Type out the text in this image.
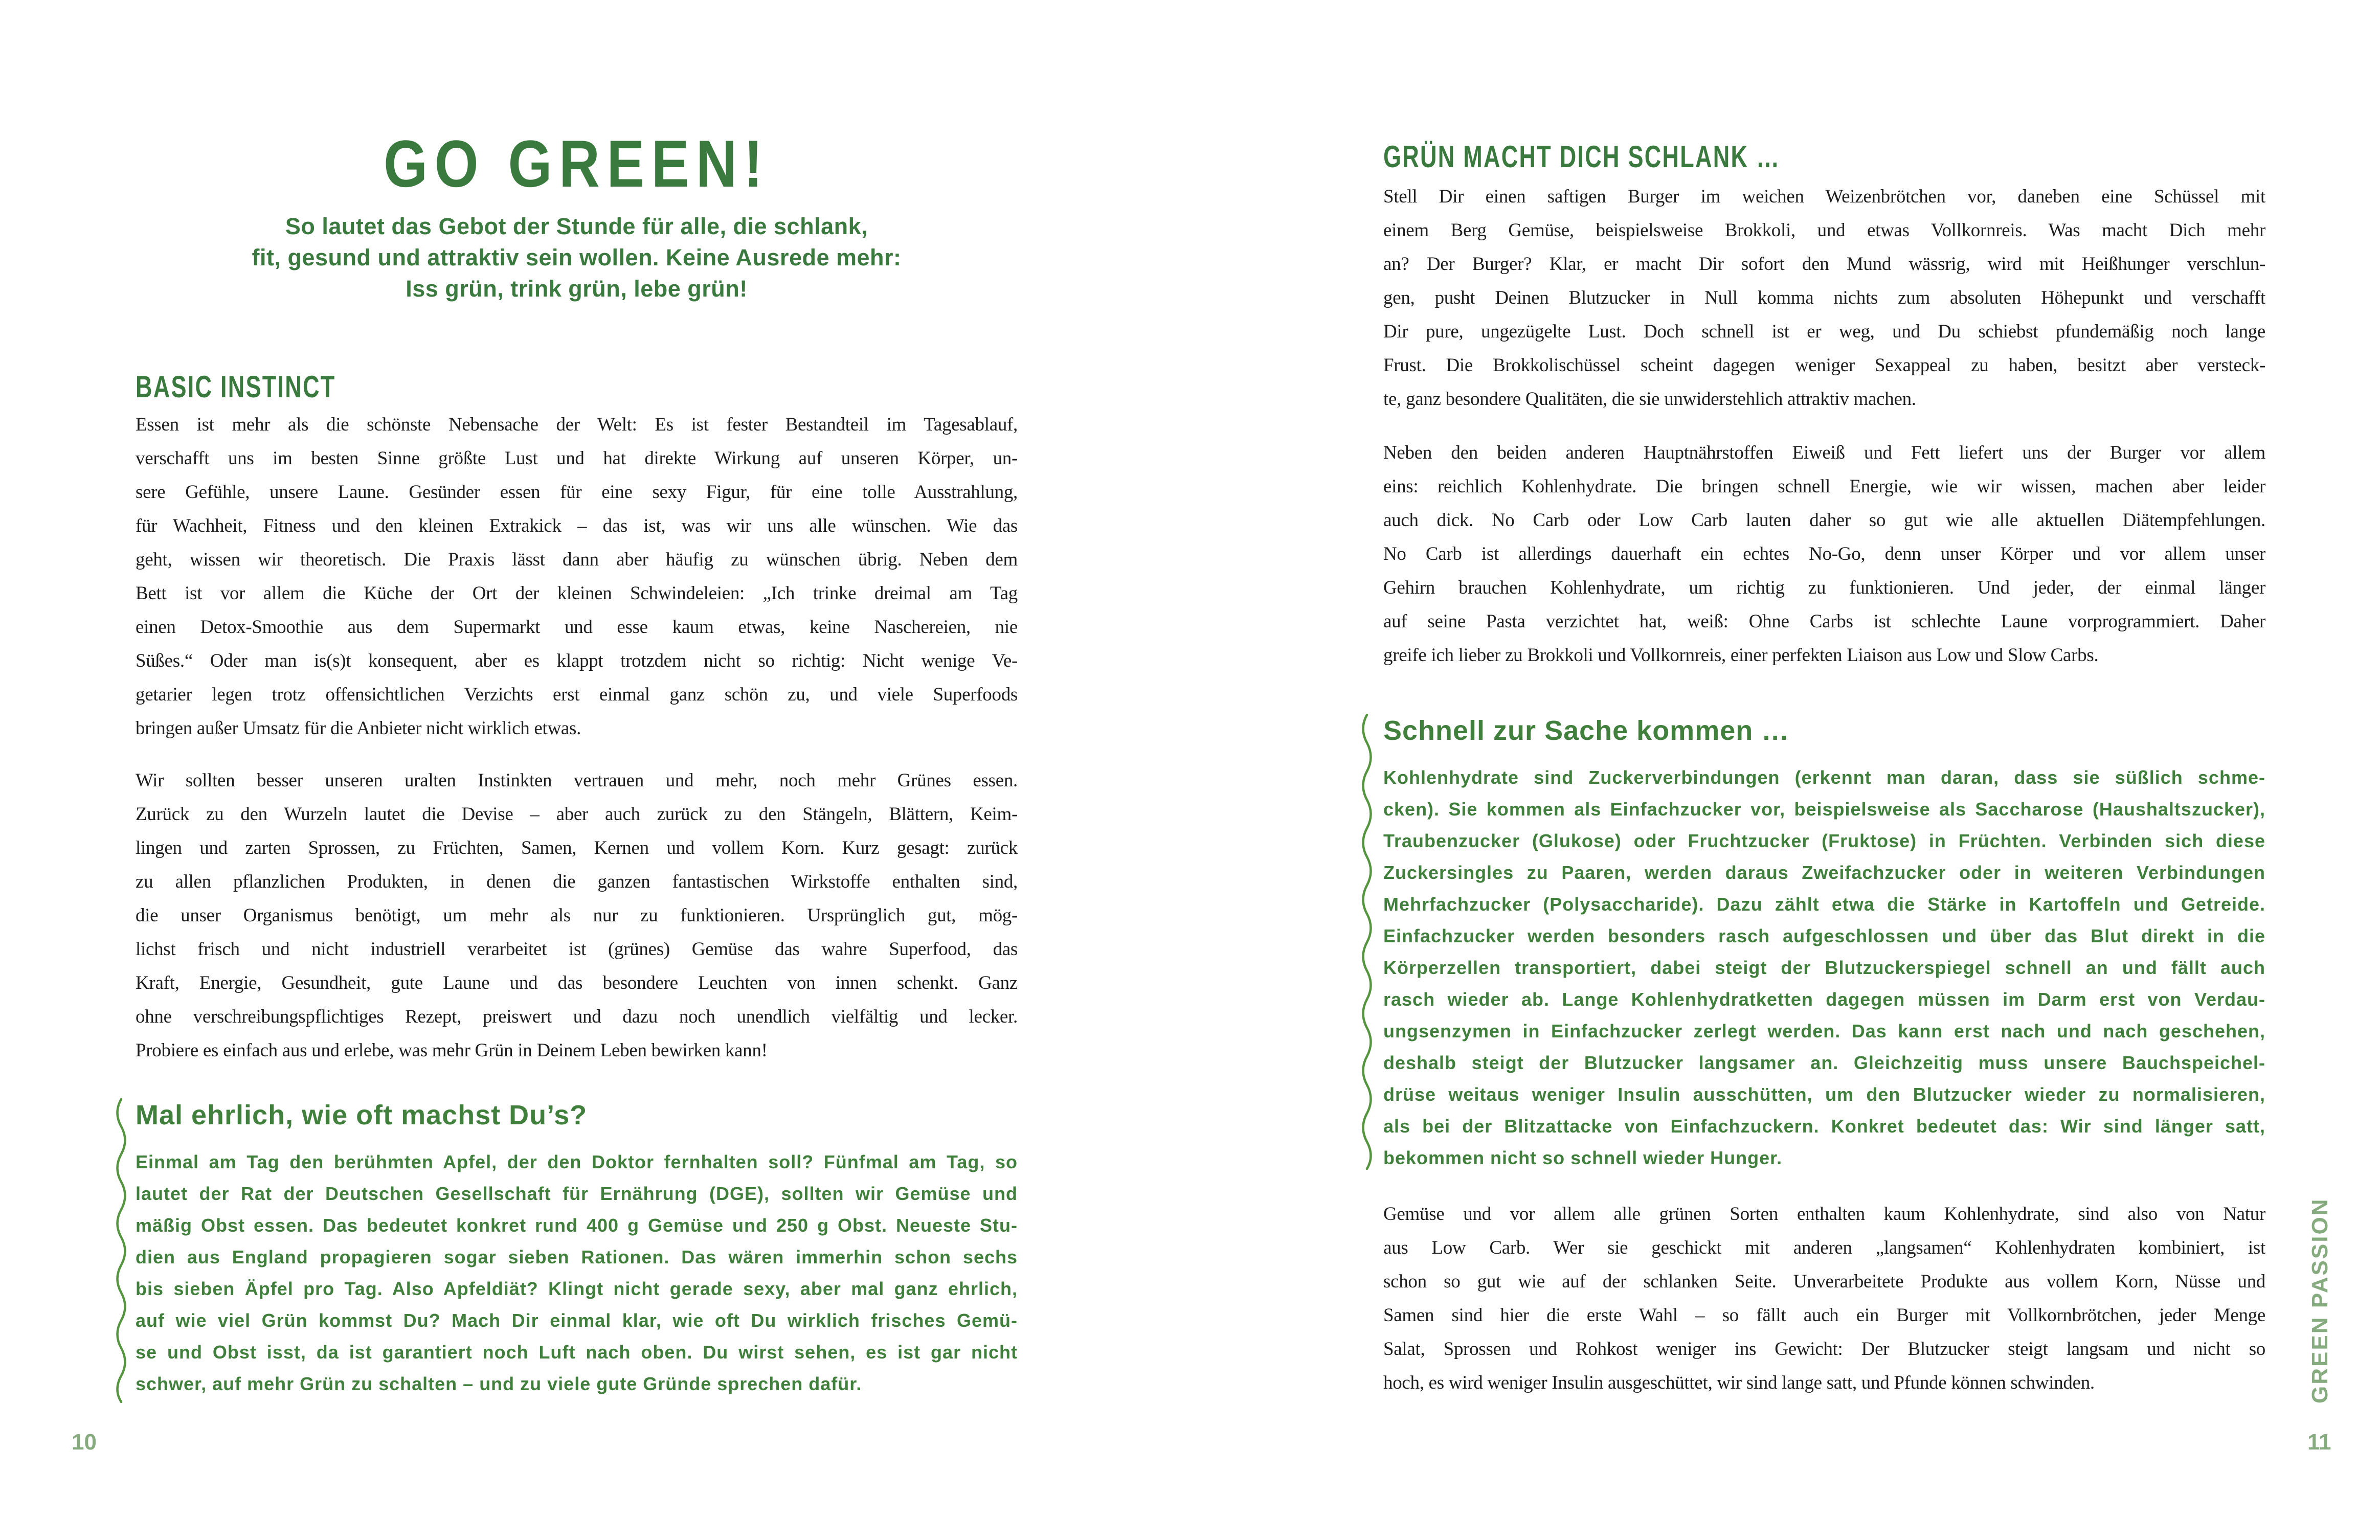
GO GREEN!
So lautet das Gebot der Stunde für alle, die schlank,
fit, gesund und attraktiv sein wollen. Keine Ausrede mehr:
Iss grün, trink grün, lebe grün!
BASIC INSTINCT
Essen ist mehr als die schönste Nebensache der Welt: Es ist fester Bestandteil im Tagesablauf,
verschafft uns im besten Sinne größte Lust und hat direkte Wirkung auf unseren Körper, un-
sere Gefühle, unsere Laune. Gesünder essen für eine sexy Figur, für eine tolle Ausstrahlung,
für Wachheit, Fitness und den kleinen Extrakick – das ist, was wir uns alle wünschen. Wie das
geht, wissen wir theoretisch. Die Praxis lässt dann aber häufig zu wünschen übrig. Neben dem
Bett ist vor allem die Küche der Ort der kleinen Schwindeleien: „Ich trinke dreimal am Tag
einen Detox-Smoothie aus dem Supermarkt und esse kaum etwas, keine Naschereien, nie
Süßes.“ Oder man is(s)t konsequent, aber es klappt trotzdem nicht so richtig: Nicht wenige Ve-
getarier legen trotz offensichtlichen Verzichts erst einmal ganz schön zu, und viele Superfoods
bringen außer Umsatz für die Anbieter nicht wirklich etwas.
Wir sollten besser unseren uralten Instinkten vertrauen und mehr, noch mehr Grünes essen.
Zurück zu den Wurzeln lautet die Devise – aber auch zurück zu den Stängeln, Blättern, Keim-
lingen und zarten Sprossen, zu Früchten, Samen, Kernen und vollem Korn. Kurz gesagt: zurück
zu allen pflanzlichen Produkten, in denen die ganzen fantastischen Wirkstoffe enthalten sind,
die unser Organismus benötigt, um mehr als nur zu funktionieren. Ursprünglich gut, mög-
lichst frisch und nicht industriell verarbeitet ist (grünes) Gemüse das wahre Superfood, das
Kraft, Energie, Gesundheit, gute Laune und das besondere Leuchten von innen schenkt. Ganz
ohne verschreibungspflichtiges Rezept, preiswert und dazu noch unendlich vielfältig und lecker.
Probiere es einfach aus und erlebe, was mehr Grün in Deinem Leben bewirken kann!
Mal ehrlich, wie oft machst Du’s?
Einmal am Tag den berühmten Apfel, der den Doktor fernhalten soll? Fünfmal am Tag, so
lautet der Rat der Deutschen Gesellschaft für Ernährung (DGE), sollten wir Gemüse und
mäßig Obst essen. Das bedeutet konkret rund 400 g Gemüse und 250 g Obst. Neueste Stu-
dien aus England propagieren sogar sieben Rationen. Das wären immerhin schon sechs
bis sieben Äpfel pro Tag. Also Apfeldiät? Klingt nicht gerade sexy, aber mal ganz ehrlich,
auf wie viel Grün kommst Du? Mach Dir einmal klar, wie oft Du wirklich frisches Gemü-
se und Obst isst, da ist garantiert noch Luft nach oben. Du wirst sehen, es ist gar nicht
schwer, auf mehr Grün zu schalten – und zu viele gute Gründe sprechen dafür.
10
GRÜN MACHT DICH SCHLANK …
Stell Dir einen saftigen Burger im weichen Weizenbrötchen vor, daneben eine Schüssel mit
einem Berg Gemüse, beispielsweise Brokkoli, und etwas Vollkornreis. Was macht Dich mehr
an? Der Burger? Klar, er macht Dir sofort den Mund wässrig, wird mit Heißhunger verschlun-
gen, pusht Deinen Blutzucker in Null komma nichts zum absoluten Höhepunkt und verschafft
Dir pure, ungezügelte Lust. Doch schnell ist er weg, und Du schiebst pfundemäßig noch lange
Frust. Die Brokkolischüssel scheint dagegen weniger Sexappeal zu haben, besitzt aber versteck-
te, ganz besondere Qualitäten, die sie unwiderstehlich attraktiv machen.
Neben den beiden anderen Hauptnährstoffen Eiweiß und Fett liefert uns der Burger vor allem
eins: reichlich Kohlenhydrate. Die bringen schnell Energie, wie wir wissen, machen aber leider
auch dick. No Carb oder Low Carb lauten daher so gut wie alle aktuellen Diätempfehlungen.
No Carb ist allerdings dauerhaft ein echtes No-Go, denn unser Körper und vor allem unser
Gehirn brauchen Kohlenhydrate, um richtig zu funktionieren. Und jeder, der einmal länger
auf seine Pasta verzichtet hat, weiß: Ohne Carbs ist schlechte Laune vorprogrammiert. Daher
greife ich lieber zu Brokkoli und Vollkornreis, einer perfekten Liaison aus Low und Slow Carbs.
Schnell zur Sache kommen …
Kohlenhydrate sind Zuckerverbindungen (erkennt man daran, dass sie süßlich schme-
cken). Sie kommen als Einfachzucker vor, beispielsweise als Saccharose (Haushaltszucker),
Traubenzucker (Glukose) oder Fruchtzucker (Fruktose) in Früchten. Verbinden sich diese
Zuckersingles zu Paaren, werden daraus Zweifachzucker oder in weiteren Verbindungen
Mehrfachzucker (Polysaccharide). Dazu zählt etwa die Stärke in Kartoffeln und Getreide.
Einfachzucker werden besonders rasch aufgeschlossen und über das Blut direkt in die
Körperzellen transportiert, dabei steigt der Blutzuckerspiegel schnell an und fällt auch
rasch wieder ab. Lange Kohlenhydratketten dagegen müssen im Darm erst von Verdau-
ungsenzymen in Einfachzucker zerlegt werden. Das kann erst nach und nach geschehen,
deshalb steigt der Blutzucker langsamer an. Gleichzeitig muss unsere Bauchspeichel-
drüse weitaus weniger Insulin ausschütten, um den Blutzucker wieder zu normalisieren,
als bei der Blitzattacke von Einfachzuckern. Konkret bedeutet das: Wir sind länger satt,
bekommen nicht so schnell wieder Hunger.
Gemüse und vor allem alle grünen Sorten enthalten kaum Kohlenhydrate, sind also von Natur
aus Low Carb. Wer sie geschickt mit anderen „langsamen“ Kohlenhydraten kombiniert, ist
schon so gut wie auf der schlanken Seite. Unverarbeitete Produkte aus vollem Korn, Nüsse und
Samen sind hier die erste Wahl – so fällt auch ein Burger mit Vollkornbrötchen, jeder Menge
Salat, Sprossen und Rohkost weniger ins Gewicht: Der Blutzucker steigt langsam und nicht so
hoch, es wird weniger Insulin ausgeschüttet, wir sind lange satt, und Pfunde können schwinden.	GREEN PASSION
11
